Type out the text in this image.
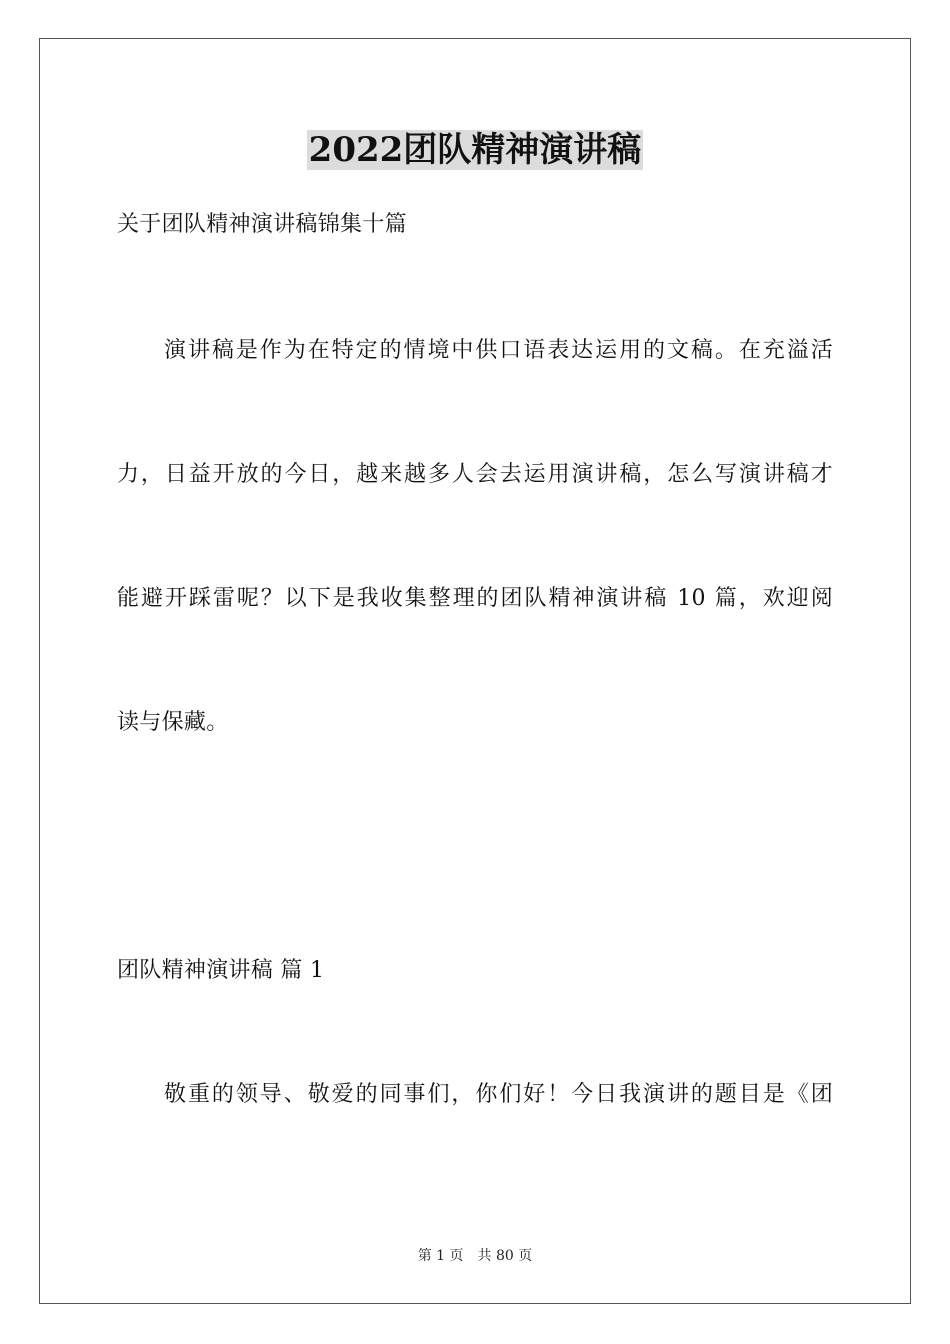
2022团队精神演讲稿
关于团队精神演讲稿锦集十篇
演讲稿是作为在特定的情境中供口语表达运用的文稿。在充溢活
力，日益开放的今日，越来越多人会去运用演讲稿，怎么写演讲稿才
能避开踩雷呢？以下是我收集整理的团队精神演讲稿 10 篇，欢迎阅
读与保藏。
团队精神演讲稿 篇 1
敬重的领导、敬爱的同事们，你们好！今日我演讲的题目是《团
第 1 页 共 80 页
